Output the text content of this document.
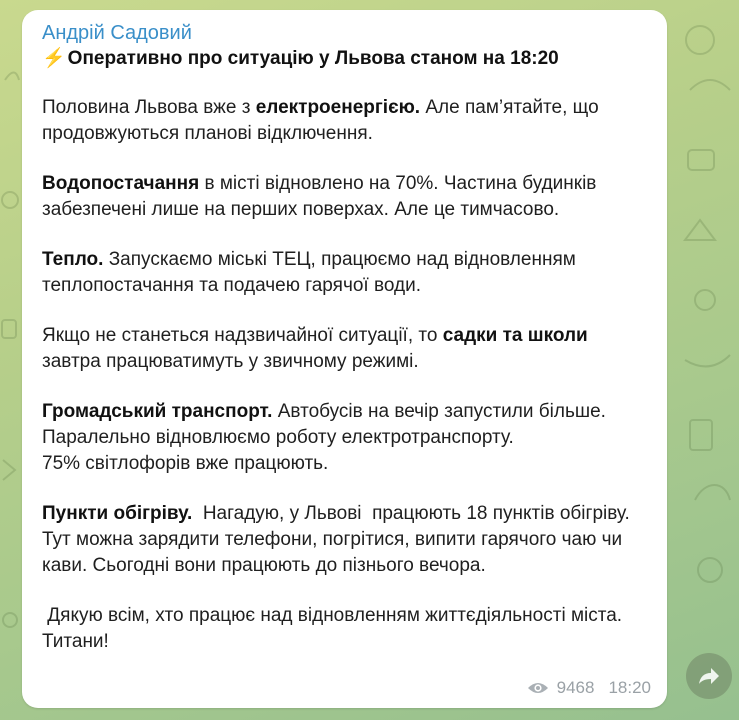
Андрій Садовий
⚡ Оперативно про ситуацію у Львова станом на 18:20
Половина Львова вже з електроенергією. Але пам’ятайте, що продовжуються планові відключення.
Водопостачання в місті відновлено на 70%. Частина будинків забезпечені лише на перших поверхах. Але це тимчасово.
Тепло. Запускаємо міські ТЕЦ, працюємо над відновленням теплопостачання та подачею гарячої води.
Якщо не станеться надзвичайної ситуації, то садки та школи завтра працюватимуть у звичному режимі.
Громадський транспорт. Автобусів на вечір запустили більше. Паралельно відновлюємо роботу електротранспорту.
75% світлофорів вже працюють.
Пункти обігріву.  Нагадую, у Львові  працюють 18 пунктів обігріву. Тут можна зарядити телефони, погрітися, випити гарячого чаю чи кави. Сьогодні вони працюють до пізнього вечора.
Дякую всім, хто працює над відновленням життєдіяльності міста. Титани!
9468 18:20
